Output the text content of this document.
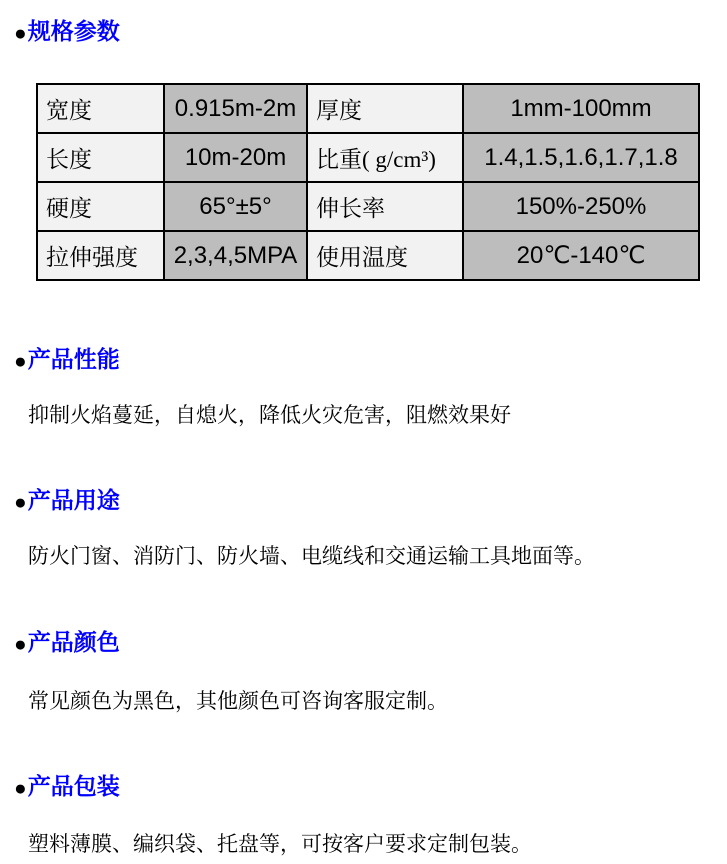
●规格参数
宽度	0.915m-2m	厚度	1mm-100mm
长度	10m-20m	比重( g/cm³)	1.4,1.5,1.6,1.7,1.8
硬度	65°±5°	伸长率	150%-250%
拉伸强度	2,3,4,5MPA	使用温度	20℃-140℃
●产品性能
抑制火焰蔓延，自熄火，降低火灾危害，阻燃效果好
●产品用途
防火门窗、消防门、防火墙、电缆线和交通运输工具地面等。
●产品颜色
常见颜色为黑色，其他颜色可咨询客服定制。
●产品包装
塑料薄膜、编织袋、托盘等，可按客户要求定制包装。
